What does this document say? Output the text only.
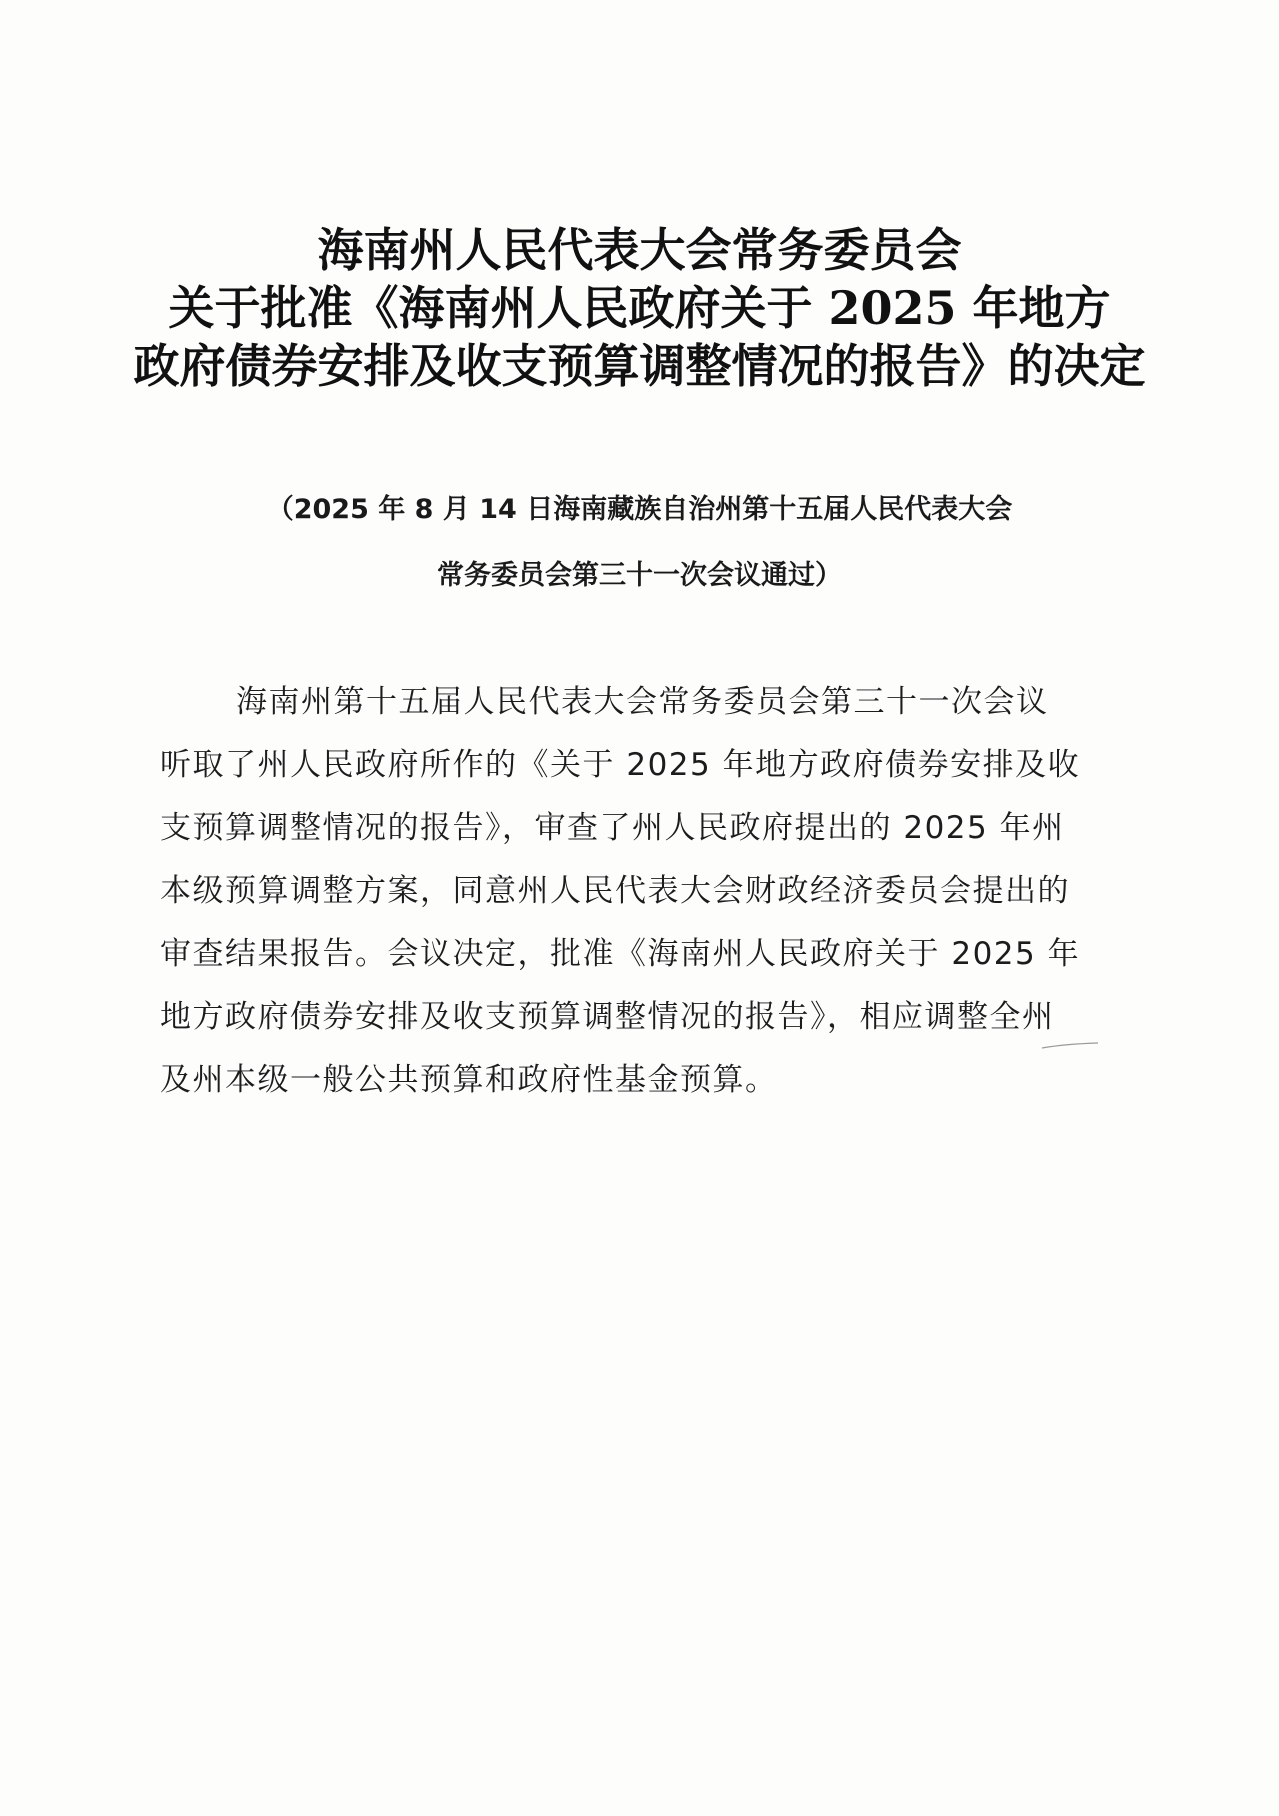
海南州人民代表大会常务委员会
关于批准《海南州人民政府关于 2025 年地方
政府债券安排及收支预算调整情况的报告》的决定
（2025 年 8 月 14 日海南藏族自治州第十五届人民代表大会
常务委员会第三十一次会议通过）
海南州第十五届人民代表大会常务委员会第三十一次会议
听取了州人民政府所作的《关于 2025 年地方政府债券安排及收
支预算调整情况的报告》，审查了州人民政府提出的 2025 年州
本级预算调整方案，同意州人民代表大会财政经济委员会提出的
审查结果报告。会议决定，批准《海南州人民政府关于 2025 年
地方政府债券安排及收支预算调整情况的报告》，相应调整全州
及州本级一般公共预算和政府性基金预算。
